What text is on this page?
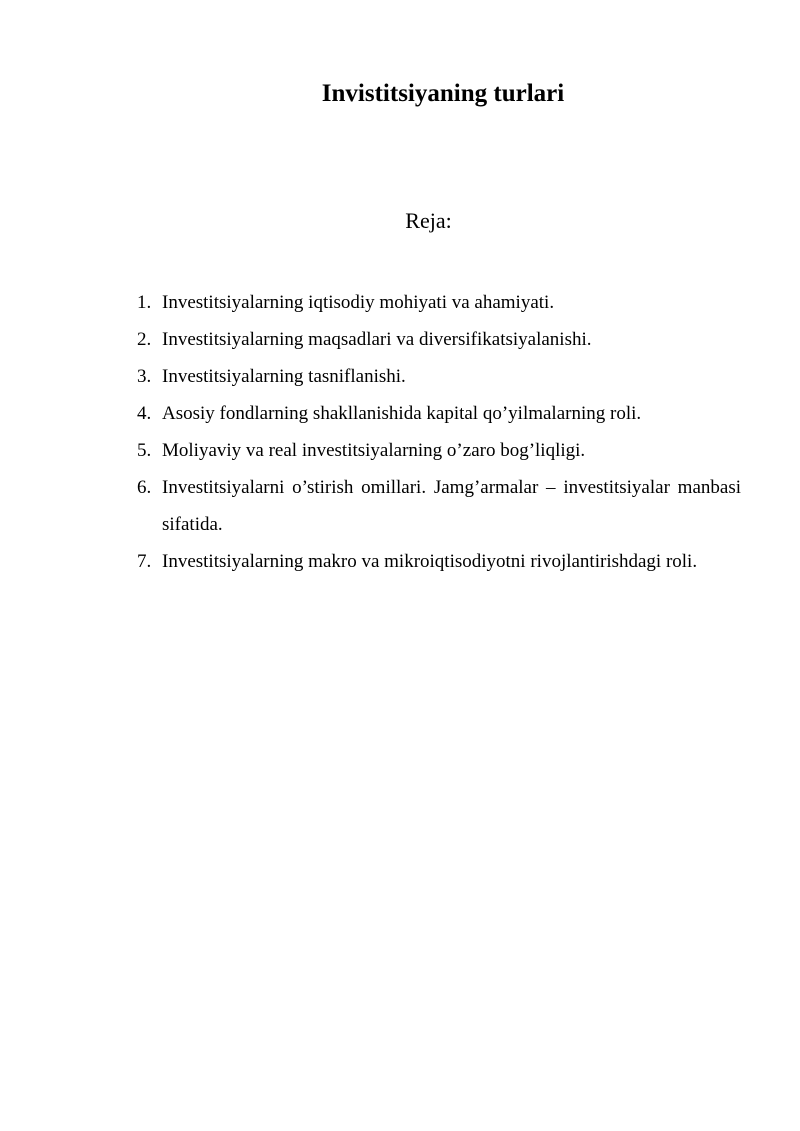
Invistitsiyaning turlari
Reja:
1. Investitsiyalarning iqtisodiy mohiyati va ahamiyati.
2. Investitsiyalarning maqsadlari va diversifikatsiyalanishi.
3. Investitsiyalarning tasniflanishi.
4. Asosiy fondlarning shakllanishida kapital qo’yilmalarning roli.
5. Moliyaviy va real investitsiyalarning o’zaro bog’liqligi.
6. Investitsiyalarni o’stirish omillari. Jamg’armalar – investitsiyalar manbasi sifatida.
7. Investitsiyalarning makro va mikroiqtisodiyotni rivojlantirishdagi roli.
